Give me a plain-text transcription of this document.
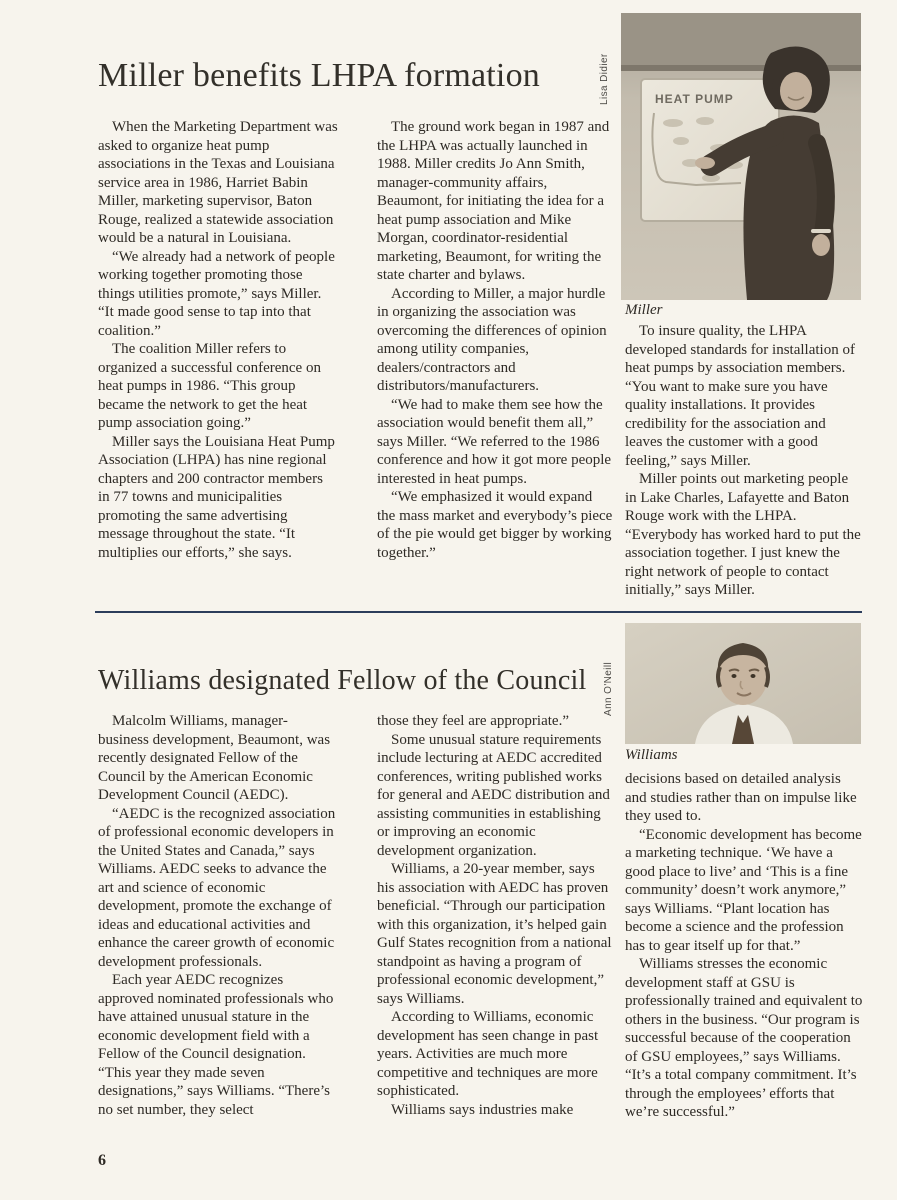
Miller benefits LHPA formation	Lisa Didier	HEAT PUMP
Miller

When the Marketing Department was asked to organize heat pump associations in the Texas and Louisiana service area in 1986, Harriet Babin Miller, marketing supervisor, Baton Rouge, realized a statewide association would be a natural in Louisiana.

“We already had a network of people working together promoting those things utilities promote,” says Miller. “It made good sense to tap into that coalition.”

The coalition Miller refers to organized a successful conference on heat pumps in 1986. “This group became the network to get the heat pump association going.”

Miller says the Louisiana Heat Pump Association (LHPA) has nine regional chapters and 200 contractor members in 77 towns and municipalities promoting the same advertising message throughout the state. “It multiplies our efforts,” she says.

The ground work began in 1987 and the LHPA was actually launched in 1988. Miller credits Jo Ann Smith, manager-community affairs, Beaumont, for initiating the idea for a heat pump association and Mike Morgan, coordinator-residential marketing, Beaumont, for writing the state charter and bylaws.

According to Miller, a major hurdle in organizing the association was overcoming the differences of opinion among utility companies, dealers/contractors and distributors/manufacturers.

“We had to make them see how the association would benefit them all,” says Miller. “We referred to the 1986 conference and how it got more people interested in heat pumps.

“We emphasized it would expand the mass market and everybody’s piece of the pie would get bigger by working together.”

To insure quality, the LHPA developed standards for installation of heat pumps by association members. “You want to make sure you have quality installations. It provides credibility for the association and leaves the customer with a good feeling,” says Miller.

Miller points out marketing people in Lake Charles, Lafayette and Baton Rouge work with the LHPA. “Everybody has worked hard to put the association together. I just knew the right network of people to contact initially,” says Miller.

Williams designated Fellow of the Council Ann O'Neill
Williams

Malcolm Williams, manager-business development, Beaumont, was recently designated Fellow of the Council by the American Economic Development Council (AEDC).

“AEDC is the recognized association of professional economic developers in the United States and Canada,” says Williams. AEDC seeks to advance the art and science of economic development, promote the exchange of ideas and educational activities and enhance the career growth of economic development professionals.

Each year AEDC recognizes approved nominated professionals who have attained unusual stature in the economic development field with a Fellow of the Council designation. “This year they made seven designations,” says Williams. “There’s no set number, they select

those they feel are appropriate.”

Some unusual stature requirements include lecturing at AEDC accredited conferences, writing published works for general and AEDC distribution and assisting communities in establishing or improving an economic development organization.

Williams, a 20-year member, says his association with AEDC has proven beneficial. “Through our participation with this organization, it’s helped gain Gulf States recognition from a national standpoint as having a program of professional economic development,” says Williams.

According to Williams, economic development has seen change in past years. Activities are much more competitive and techniques are more sophisticated.

Williams says industries make

decisions based on detailed analysis and studies rather than on impulse like they used to.

“Economic development has become a marketing technique. ‘We have a good place to live’ and ‘This is a fine community’ doesn’t work anymore,” says Williams. “Plant location has become a science and the profession has to gear itself up for that.”

Williams stresses the economic development staff at GSU is professionally trained and equivalent to others in the business. “Our program is successful because of the cooperation of GSU employees,” says Williams. “It’s a total company commitment. It’s through the employees’ efforts that we’re successful.”

6
